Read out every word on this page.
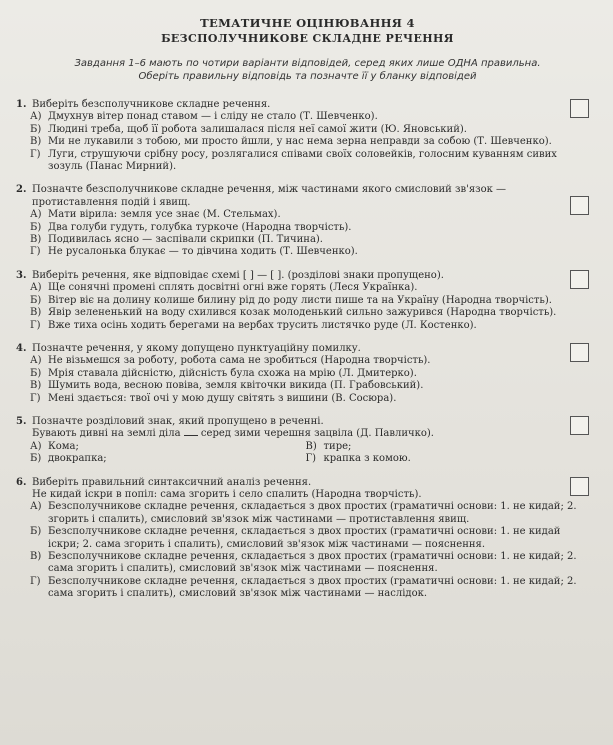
ТЕМАТИЧНЕ ОЦІНЮВАННЯ 4
БЕЗСПОЛУЧНИКОВЕ СКЛАДНЕ РЕЧЕННЯ
Завдання 1–6 мають по чотири варіанти відповідей, серед яких лише ОДНА правильна.
Оберіть правильну відповідь та позначте її у бланку відповідей
1. Виберіть безсполучникове складне речення.
А) Дмухнув вітер понад ставом — і сліду не стало (Т. Шевченко).
Б) Людині треба, щоб її робота залишалася після неї самої жити (Ю. Яновський).
В) Ми не лукавили з тобою, ми просто йшли, у нас нема зерна неправди за собою (Т. Шевченко).
Г) Луги, струшуючи срібну росу, розлягалися співами своїх соловейків, голосним куванням сивих зозуль (Панас Мирний).
2. Позначте безсполучникове складне речення, між частинами якого смисловий зв'язок — протиставлення подій і явищ.
А) Мати вірила: земля усе знає (М. Стельмах).
Б) Два голуби гудуть, голубка туркоче (Народна творчість).
В) Подивилась ясно — заспівали скрипки (П. Тичина).
Г) Не русалонька блукає — то дівчина ходить (Т. Шевченко).
3. Виберіть речення, яке відповідає схемі [ ] — [ ]. (розділові знаки пропущено).
А) Ще сонячні промені сплять досвітні огні вже горять (Леся Українка).
Б) Вітер віє на долину колише билину рід до роду листи пише та на Україну (Народна творчість).
В) Явір зелененький на воду схилився козак молоденький сильно зажурився (Народна творчість).
Г) Вже тиха осінь ходить берегами на вербах трусить листячко руде (Л. Костенко).
4. Позначте речення, у якому допущено пунктуаційну помилку.
А) Не візьмешся за роботу, робота сама не зробиться (Народна творчість).
Б) Мрія ставала дійсністю, дійсність була схожа на мрію (Л. Дмитерко).
В) Шумить вода, весною повіва, земля квіточки викида (П. Грабовський).
Г) Мені здається: твої очі у мою душу світять з вишини (В. Сосюра).
5. Позначте розділовий знак, який пропущено в реченні.
Бувають дивні на землі діла серед зими черешня зацвіла (Д. Павличко).
А) Кома;
Б) двокрапка;
В) тире;
Г) крапка з комою.
6. Виберіть правильний синтаксичний аналіз речення.
Не кидай іскри в попіл: сама згорить і село спалить (Народна творчість).
А) Безсполучникове складне речення, складається з двох простих (граматичні основи: 1. не кидай; 2. згорить і спалить), смисловий зв'язок між частинами — протиставлення явищ.
Б) Безсполучникове складне речення, складається з двох простих (граматичні основи: 1. не кидай іскри; 2. сама згорить і спалить), смисловий зв'язок між частинами — пояснення.
В) Безсполучникове складне речення, складається з двох простих (граматичні основи: 1. не кидай; 2. сама згорить і спалить), смисловий зв'язок між частинами — пояснення.
Г) Безсполучникове складне речення, складається з двох простих (граматичні основи: 1. не кидай; 2. сама згорить і спалить), смисловий зв'язок між частинами — наслідок.
